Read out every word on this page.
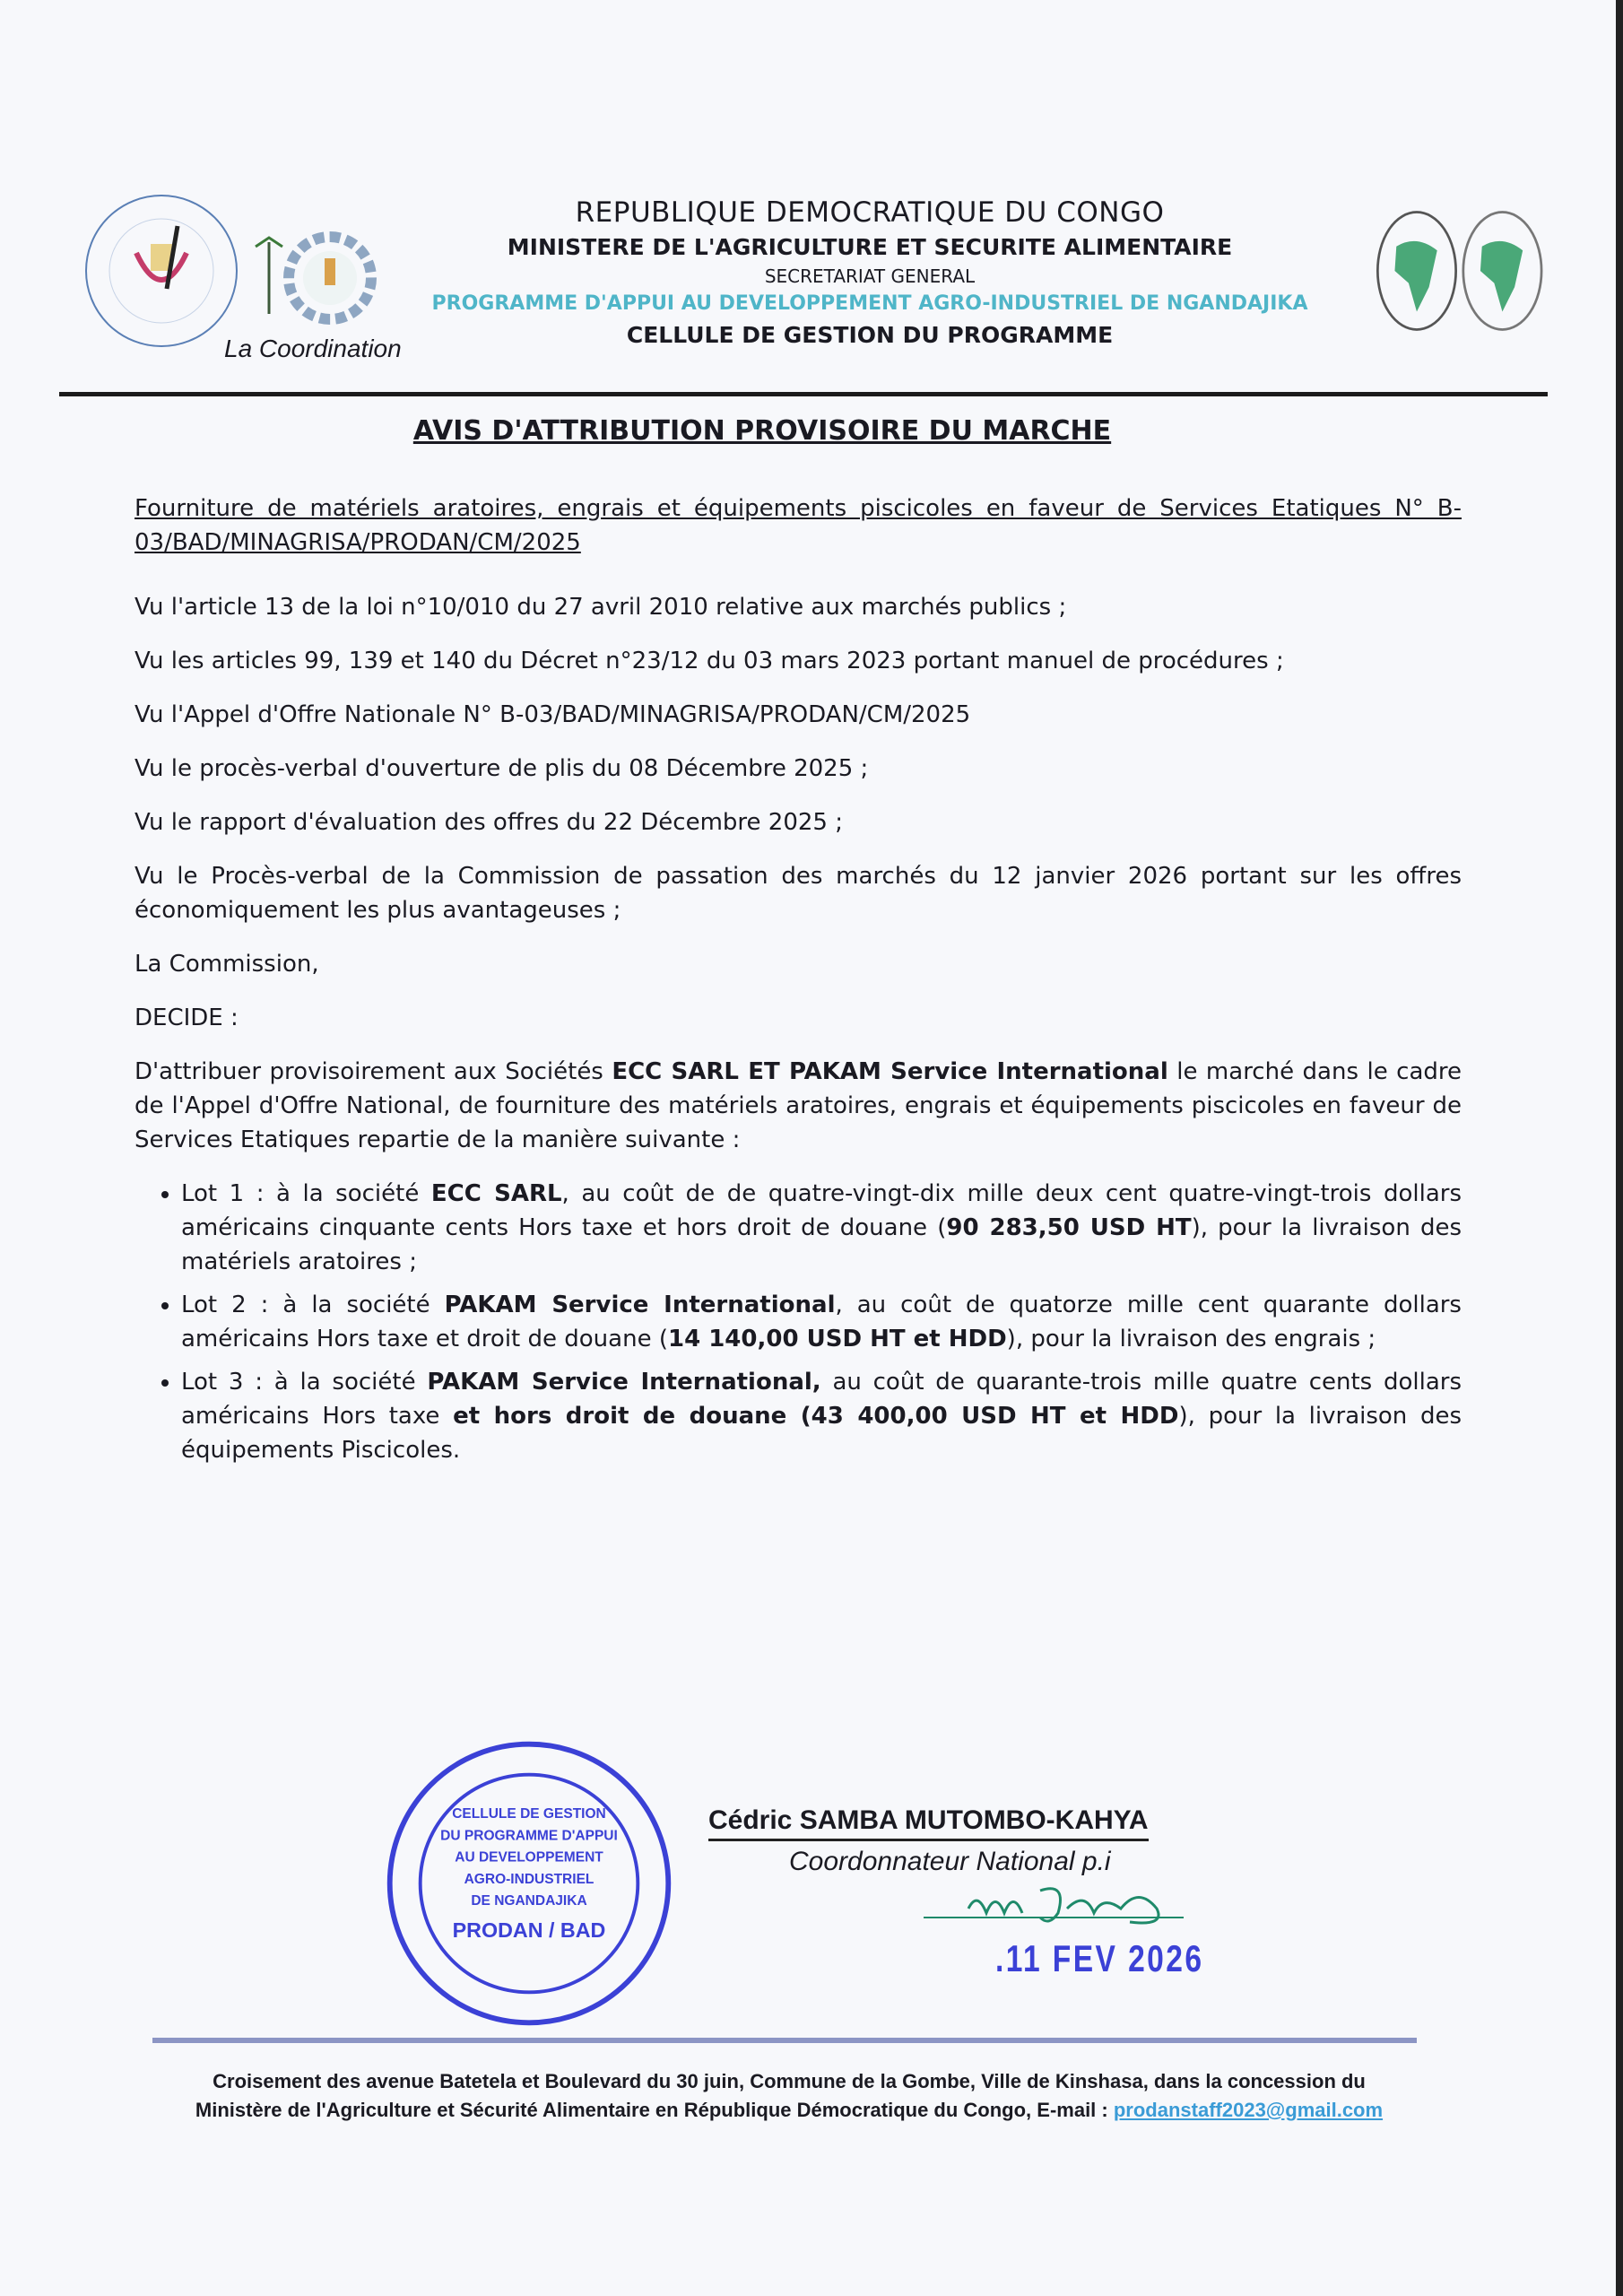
La Coordination
REPUBLIQUE DEMOCRATIQUE DU CONGO
MINISTERE DE L'AGRICULTURE ET SECURITE ALIMENTAIRE
SECRETARIAT GENERAL
PROGRAMME D'APPUI AU DEVELOPPEMENT AGRO-INDUSTRIEL DE NGANDAJIKA
CELLULE DE GESTION DU PROGRAMME
AVIS D'ATTRIBUTION PROVISOIRE DU MARCHE
Fourniture de matériels aratoires, engrais et équipements piscicoles en faveur de Services Etatiques N° B-03/BAD/MINAGRISA/PRODAN/CM/2025
Vu l'article 13 de la loi n°10/010 du 27 avril 2010 relative aux marchés publics ;
Vu les articles 99, 139 et 140 du Décret n°23/12 du 03 mars 2023 portant manuel de procédures ;
Vu l'Appel d'Offre Nationale N° B-03/BAD/MINAGRISA/PRODAN/CM/2025
Vu le procès-verbal d'ouverture de plis du 08 Décembre 2025 ;
Vu le rapport d'évaluation des offres du 22 Décembre 2025 ;
Vu le Procès-verbal de la Commission de passation des marchés du 12 janvier 2026 portant sur les offres économiquement les plus avantageuses ;
La Commission,
DECIDE :
D'attribuer provisoirement aux Sociétés ECC SARL ET PAKAM Service International le marché dans le cadre de l'Appel d'Offre National, de fourniture des matériels aratoires, engrais et équipements piscicoles en faveur de Services Etatiques repartie de la manière suivante :
• Lot 1 : à la société ECC SARL, au coût de de quatre-vingt-dix mille deux cent quatre-vingt-trois dollars américains cinquante cents Hors taxe et hors droit de douane (90 283,50 USD HT), pour la livraison des matériels aratoires ;
• Lot 2 : à la société PAKAM Service International, au coût de quatorze mille cent quarante dollars américains Hors taxe et droit de douane (14 140,00 USD HT et HDD), pour la livraison des engrais ;
• Lot 3 : à la société PAKAM Service International, au coût de quarante-trois mille quatre cents dollars américains Hors taxe et hors droit de douane (43 400,00 USD HT et HDD), pour la livraison des équipements Piscicoles.
CELLULE DE GESTION
DU PROGRAMME D'APPUI
AU DEVELOPPEMENT
AGRO-INDUSTRIEL
DE NGANDAJIKA
PRODAN / BAD
Cédric SAMBA MUTOMBO-KAHYA
Coordonnateur National p.i
.11 FEV 2026
Croisement des avenue Batetela et Boulevard du 30 juin, Commune de la Gombe, Ville de Kinshasa, dans la concession du
Ministère de l'Agriculture et Sécurité Alimentaire en République Démocratique du Congo, E-mail : prodanstaff2023@gmail.com
